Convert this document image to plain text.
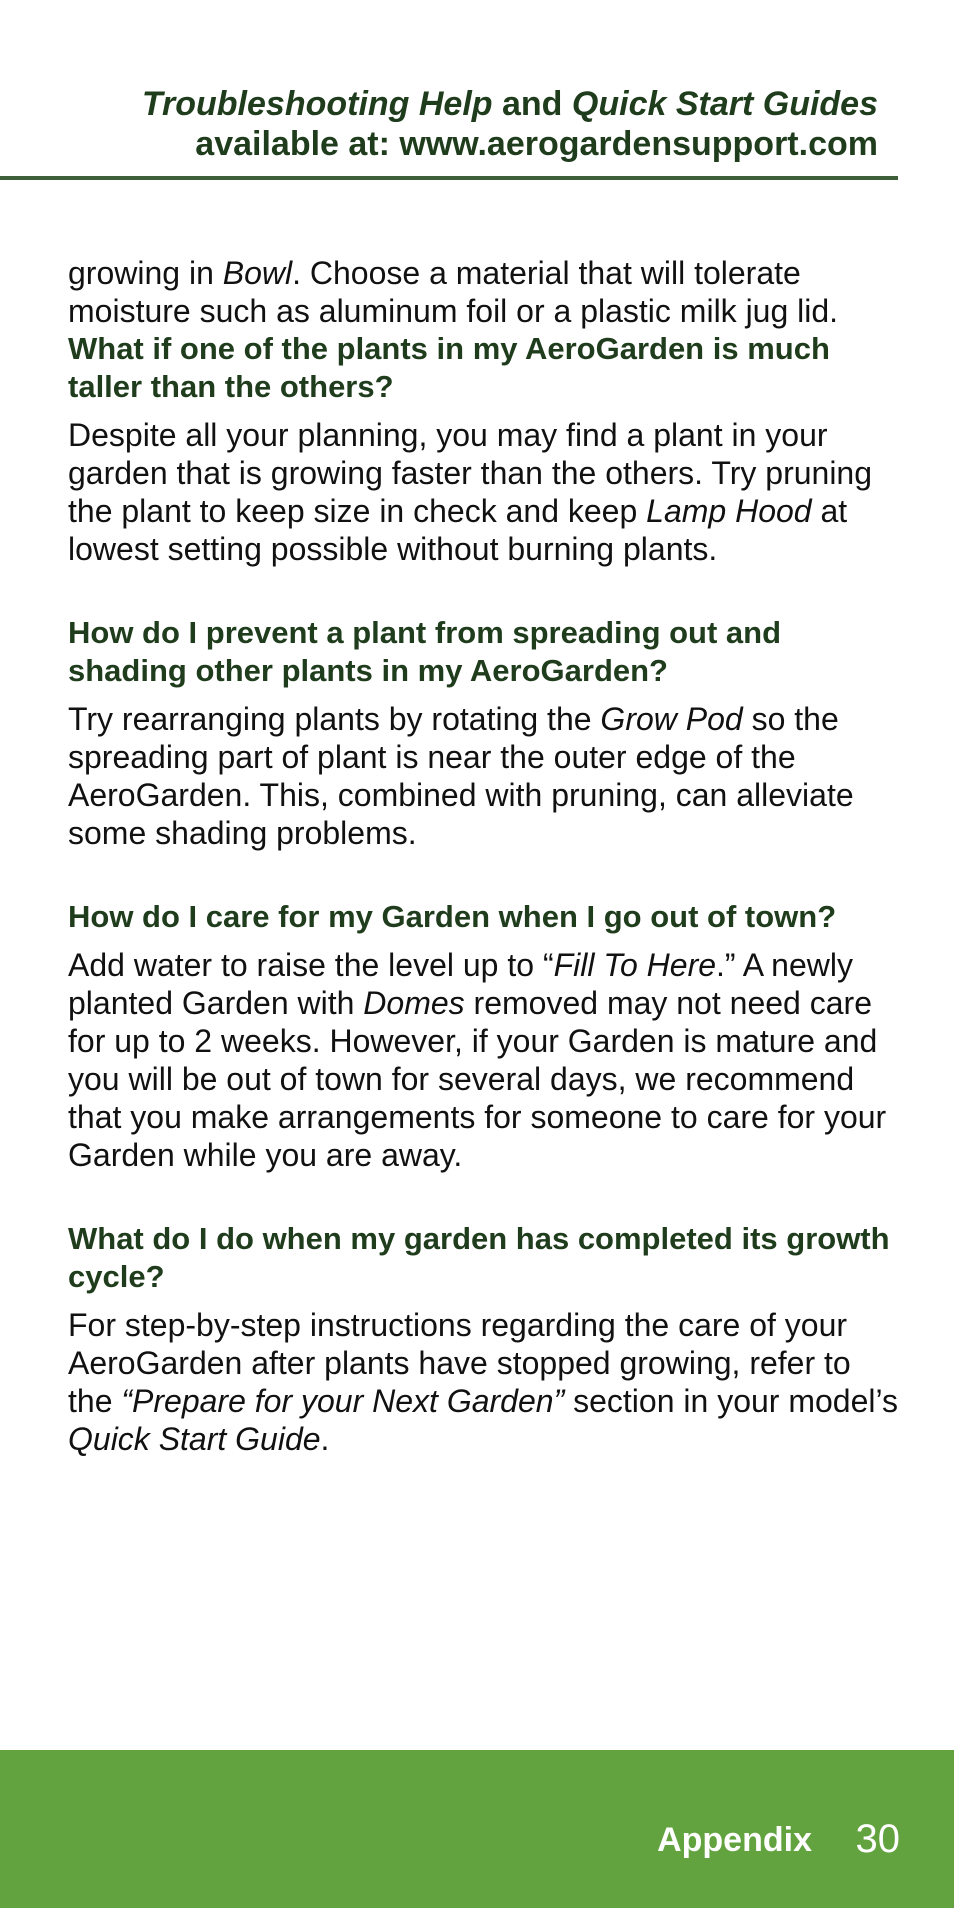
Troubleshooting Help and Quick Start Guides
available at: www.aerogardensupport.com

growing in Bowl. Choose a material that will tolerate moisture such as aluminum foil or a plastic milk jug lid.

What if one of the plants in my AeroGarden is much taller than the others?

Despite all your planning, you may find a plant in your garden that is growing faster than the others. Try pruning the plant to keep size in check and keep Lamp Hood at lowest setting possible without burning plants.

How do I prevent a plant from spreading out and shading other plants in my AeroGarden?

Try rearranging plants by rotating the Grow Pod so the spreading part of plant is near the outer edge of the AeroGarden. This, combined with pruning, can alleviate some shading problems.

How do I care for my Garden when I go out of town?

Add water to raise the level up to “Fill To Here.” A newly planted Garden with Domes removed may not need care for up to 2 weeks. However, if your Garden is mature and you will be out of town for several days, we recommend that you make arrangements for someone to care for your Garden while you are away.

What do I do when my garden has completed its growth cycle?

For step-by-step instructions regarding the care of your AeroGarden after plants have stopped growing, refer to the “Prepare for your Next Garden” section in your model’s Quick Start Guide.

Appendix 30
